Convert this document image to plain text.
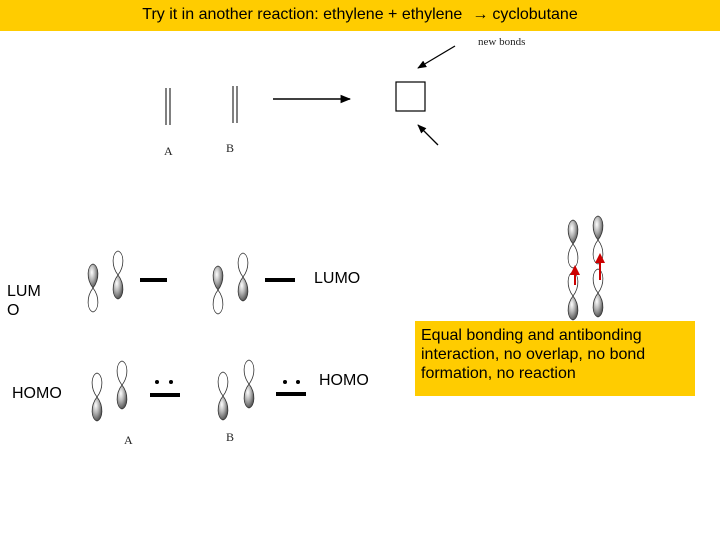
Try it in another reaction: ethylene + ethylene → cyclobutane
new bonds
A	B
LUM
O
LUMO
HOMO
HOMO
A	B
Equal bonding and antibonding interaction, no overlap, no bond formation, no reaction
